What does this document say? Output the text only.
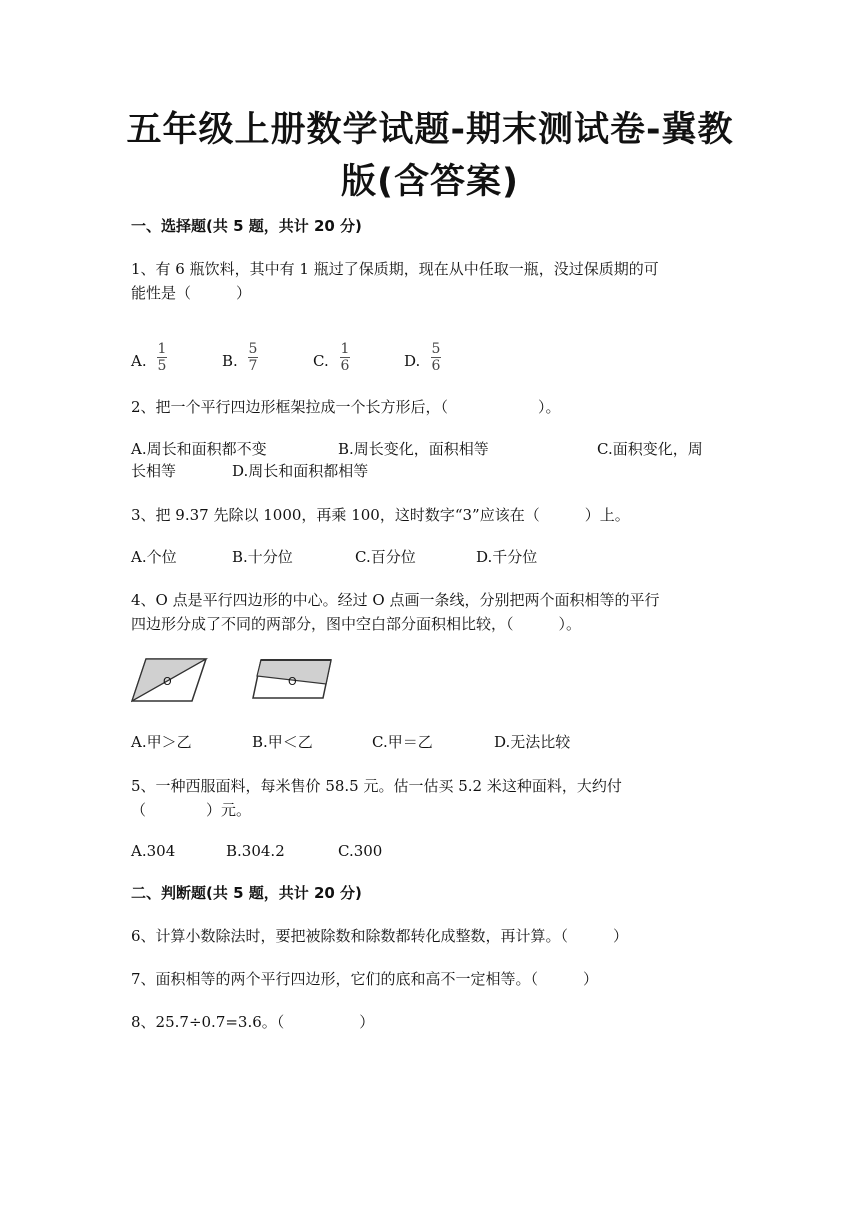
五年级上册数学试题-期末测试卷-冀教
版(含答案)
一、选择题(共 5 题，共计 20 分)
1、有 6 瓶饮料，其中有 1 瓶过了保质期，现在从中任取一瓶，没过保质期的可
能性是（　　　）
A.
1
5	B.
5
7	C.
1
6	D.
5
6
2、把一个平行四边形框架拉成一个长方形后，（　　　　　　）。
A.周长和面积都不变	B.周长变化，面积相等	C.面积变化，周
长相等	D.周长和面积都相等
3、把 9.37 先除以 1000，再乘 100，这时数字“3”应该在（　　　）上。
A.个位	B.十分位	C.百分位	D.千分位
4、O 点是平行四边形的中心。经过 O 点画一条线，分别把两个面积相等的平行
四边形分成了不同的两部分，图中空白部分面积相比较，（　　　）。
O	O
A.甲＞乙	B.甲＜乙	C.甲＝乙	D.无法比较
5、一种西服面料，每米售价 58.5 元。估一估买 5.2 米这种面料，大约付
（　　　　）元。
A.304	B.304.2	C.300
二、判断题(共 5 题，共计 20 分)
6、计算小数除法时，要把被除数和除数都转化成整数，再计算。（　　　）
7、面积相等的两个平行四边形，它们的底和高不一定相等。（　　　）
8、25.7÷0.7=3.6。（　　　　　）
